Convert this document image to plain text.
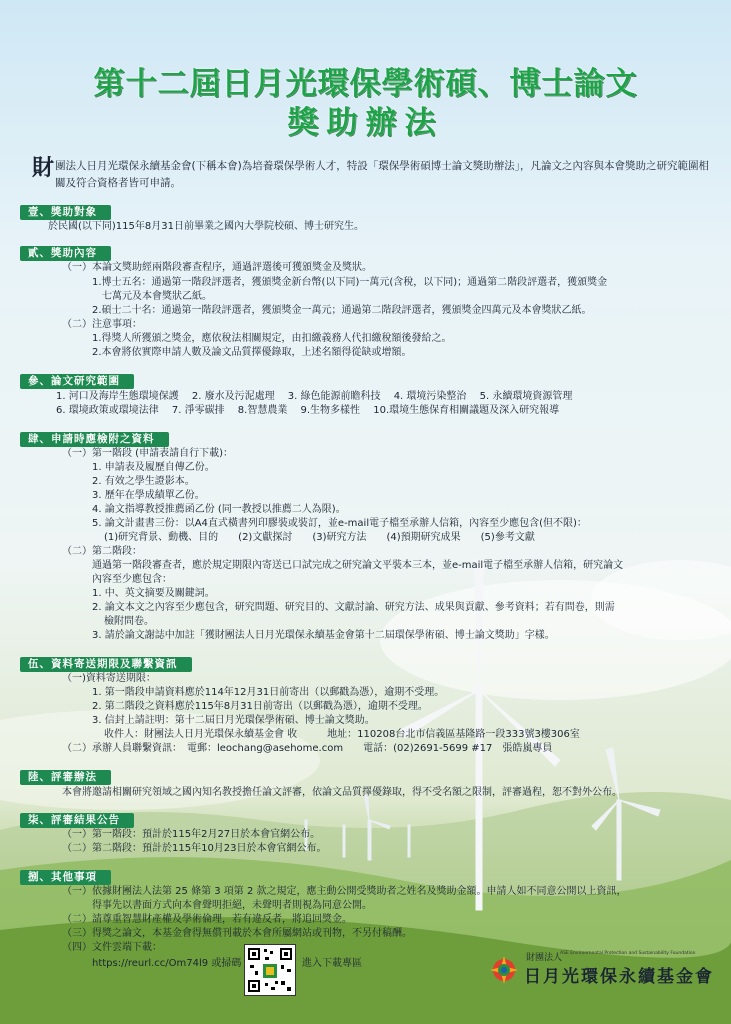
第十二屆日月光環保學術碩、博士論文
獎助辦法
財 團法人日月光環保永續基金會(下稱本會)為培養環保學術人才，特設「環保學術碩博士論文獎助辦法」，凡論文之內容與本會獎助之研究範圍相關及符合資格者皆可申請。
壹、獎助對象
於民國(以下同)115年8月31日前畢業之國內大學院校碩、博士研究生。
貳、獎助內容
（一）本論文獎助經兩階段審查程序，通過評選後可獲頒獎金及獎狀。
1.博士五名：通過第一階段評選者，獲頒獎金新台幣(以下同)一萬元(含稅，以下同)；通過第二階段評選者，獲頒獎金
七萬元及本會獎狀乙紙。
2.碩士二十名：通過第一階段評選者，獲頒獎金一萬元；通過第二階段評選者，獲頒獎金四萬元及本會獎狀乙紙。
（二）注意事項：
1.得獎人所獲頒之獎金，應依稅法相關規定，由扣繳義務人代扣繳稅額後發給之。
2.本會將依實際申請人數及論文品質擇優錄取，上述名額得從缺或增額。
參、論文研究範圍
1. 河口及海岸生態環境保護　 2. 廢水及污泥處理　 3. 綠色能源前瞻科技　 4. 環境污染整治　 5. 永續環境資源管理
6. 環境政策或環境法律　 7. 淨零碳排　 8.智慧農業　 9.生物多樣性　 10.環境生態保育相關議題及深入研究報導
肆、申請時應檢附之資料
（一）第一階段 (申請表請自行下載)：
1. 申請表及履歷自傳乙份。
2. 有效之學生證影本。
3. 歷年在學成績單乙份。
4. 論文指導教授推薦函乙份 (同一教授以推薦二人為限)。
5. 論文計畫書三份：以A4直式橫書列印膠裝或裝訂，並e-mail電子檔至承辦人信箱，內容至少應包含(但不限)：
(1)研究背景、動機、目的　　(2)文獻探討　　(3)研究方法　　(4)預期研究成果　　(5)參考文獻
（二）第二階段：
通過第一階段審查者，應於規定期限內寄送已口試完成之研究論文平裝本三本，並e-mail電子檔至承辦人信箱，研究論文
內容至少應包含：
1. 中、英文摘要及關鍵詞。
2. 論文本文之內容至少應包含，研究問題、研究目的、文獻討論、研究方法、成果與貢獻、參考資料；若有問卷，則需
檢附問卷。
3. 請於論文謝誌中加註「獲財團法人日月光環保永續基金會第十二屆環保學術碩、博士論文獎助」字樣。
伍、資料寄送期限及聯繫資訊
（一)資料寄送期限：
1. 第一階段申請資料應於114年12月31日前寄出（以郵戳為憑），逾期不受理。
2. 第二階段之資料應於115年8月31日前寄出（以郵戳為憑），逾期不受理。
3. 信封上請註明：第十二屆日月光環保學術碩、博士論文獎助。
收件人：財團法人日月光環保永續基金會 收　　　地址：110208台北市信義區基隆路一段333號3樓306室
（二）承辦人員聯繫資訊：　電郵：leochang@asehome.com　　電話：(02)2691-5699 #17　張皓嵐專員
陸、評審辦法
本會將邀請相關研究領域之國內知名教授擔任論文評審，依論文品質擇優錄取，得不受名額之限制，評審過程，恕不對外公布。
柒、評審結果公告
（一）第一階段：預計於115年2月27日於本會官網公布。
（二）第二階段：預計於115年10月23日於本會官網公布。
捌、其他事項
（一）依據財團法人法第 25 條第 3 項第 2 款之規定，應主動公開受獎助者之姓名及獎助金額。申請人如不同意公開以上資訊，
得事先以書面方式向本會聲明拒絕，未聲明者則視為同意公開。
（二）請尊重智慧財產權及學術倫理，若有違反者，將追回獎金。
（三）得獎之論文，本基金會得無償刊載於本會所屬網站或刊物，不另付稿酬。
（四）文件雲端下載：
https://reurl.cc/Om74l9 或掃碼	進入下載專區	財團法人
ASE Environmental Protection and Sustainability Foundation
日月光環保永續基金會
